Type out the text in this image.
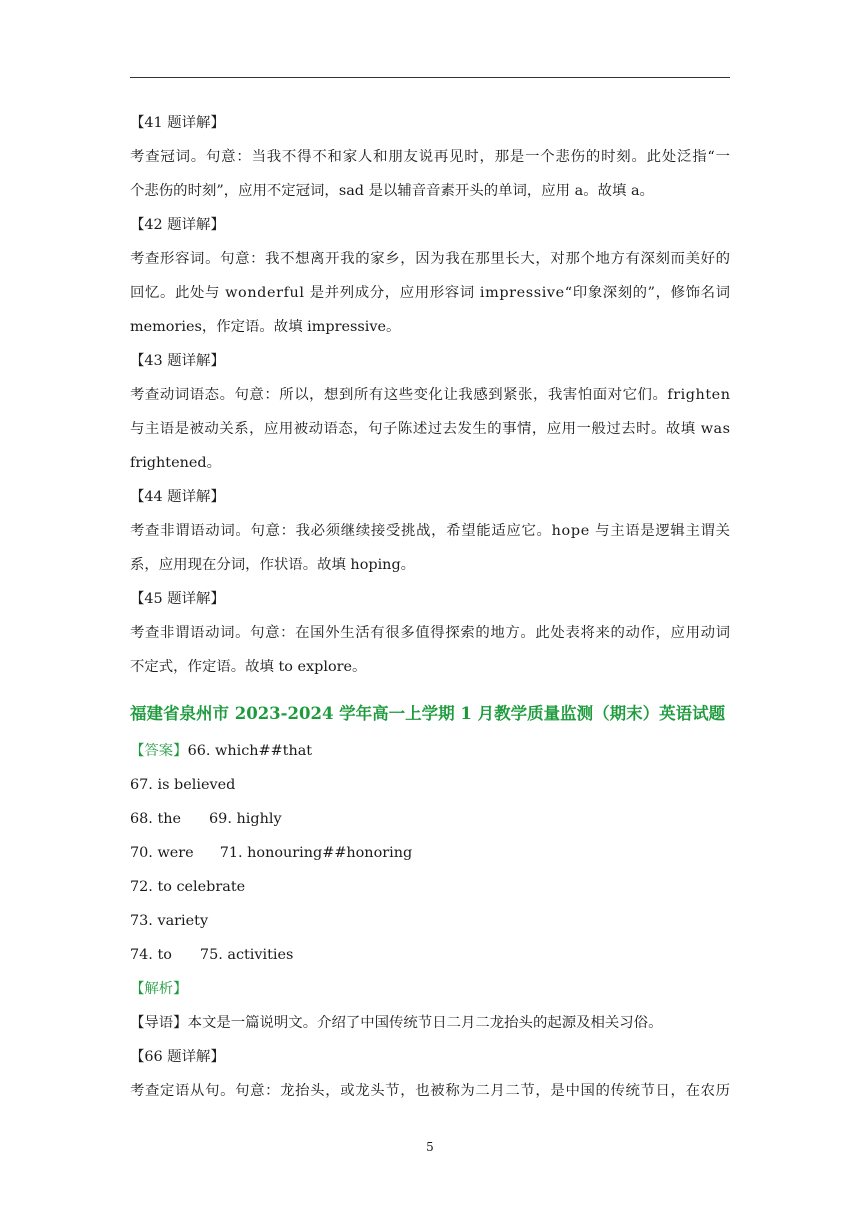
【41 题详解】
考查冠词。句意：当我不得不和家人和朋友说再见时，那是一个悲伤的时刻。此处泛指“一
个悲伤的时刻”，应用不定冠词，sad 是以辅音音素开头的单词，应用 a。故填 a。
【42 题详解】
考查形容词。句意：我不想离开我的家乡，因为我在那里长大，对那个地方有深刻而美好的
回忆。此处与 wonderful 是并列成分，应用形容词 impressive“印象深刻的”，修饰名词
memories，作定语。故填 impressive。
【43 题详解】
考查动词语态。句意：所以，想到所有这些变化让我感到紧张，我害怕面对它们。frighten
与主语是被动关系，应用被动语态，句子陈述过去发生的事情，应用一般过去时。故填 was
frightened。
【44 题详解】
考查非谓语动词。句意：我必须继续接受挑战，希望能适应它。hope 与主语是逻辑主谓关
系，应用现在分词，作状语。故填 hoping。
【45 题详解】
考查非谓语动词。句意：在国外生活有很多值得探索的地方。此处表将来的动作，应用动词
不定式，作定语。故填 to explore。
福建省泉州市 2023-2024 学年高一上学期 1 月教学质量监测（期末）英语试题
【答案】66. which##that
67. is believed
68. the 69. highly
70. were 71. honouring##honoring
72. to celebrate
73. variety
74. to 75. activities
【解析】
【导语】本文是一篇说明文。介绍了中国传统节日二月二龙抬头的起源及相关习俗。
【66 题详解】
考查定语从句。句意：龙抬头，或龙头节，也被称为二月二节，是中国的传统节日，在农历
5
